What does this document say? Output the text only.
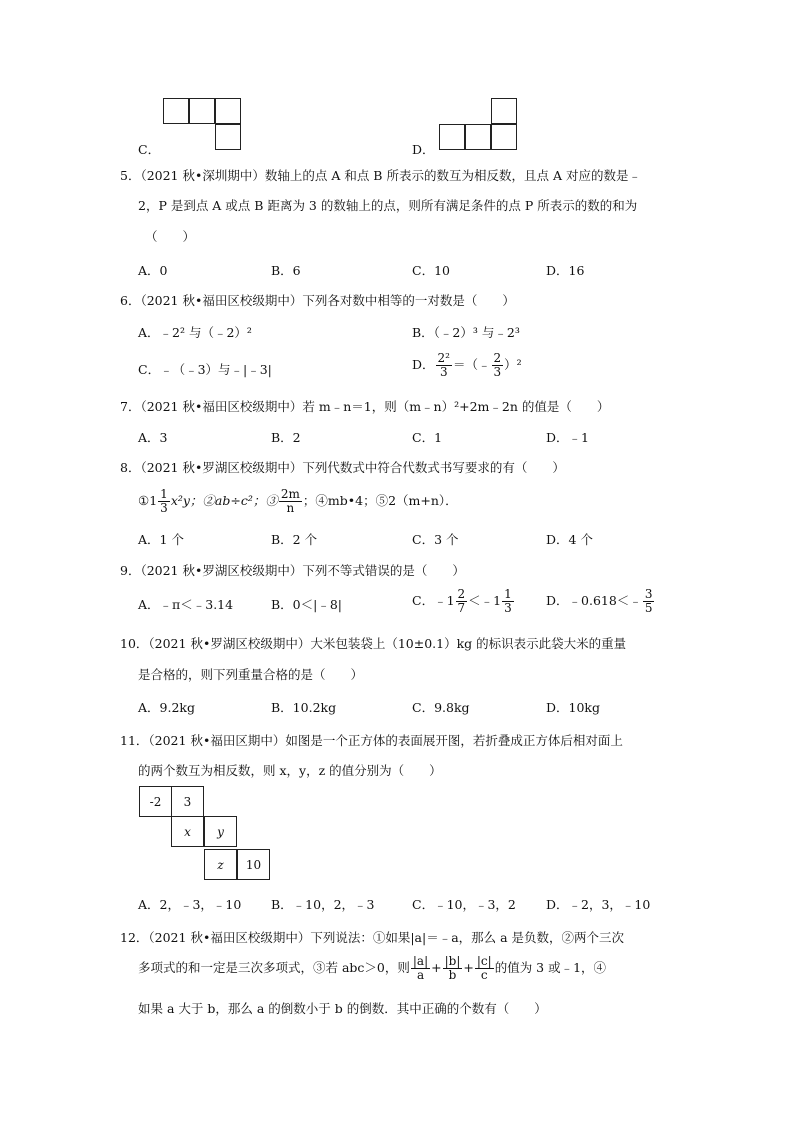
C．	D．
5．（2021 秋•深圳期中）数轴上的点 A 和点 B 所表示的数互为相反数，且点 A 对应的数是﹣
2，P 是到点 A 或点 B 距离为 3 的数轴上的点，则所有满足条件的点 P 所表示的数的和为
（　　）
A．0	B．6	C．10	D．16
6．（2021 秋•福田区校级期中）下列各对数中相等的一对数是（　　）
A．﹣2² 与（﹣2）²	B．（﹣2）³ 与﹣2³
C．﹣（﹣3）与﹣|﹣3|	D． $\frac{\text{2²}}{3}$ ＝（﹣ $\frac{2}{3} )^2$
7．（2021 秋•福田区校级期中）若 m﹣n＝1，则（m﹣n）²+2m﹣2n 的值是（　　）
A．3	B．2	C．1	D．﹣1
8．（2021 秋•罗湖区校级期中）下列代数式中符合代数式书写要求的有（　　）
①1 $\frac{1}{3} x^2y$；②ab÷c²；③ $\frac{2m}{n}$ ；④mb•4；⑤2（m+n）．
A．1 个	B．2 个	C．3 个	D．4 个
9．（2021 秋•罗湖区校级期中）下列不等式错误的是（　　）
A．﹣π＜﹣3.14	B．0＜|﹣8|	C．﹣1 $\frac{2}{7}$ ＜﹣1 $\frac{1}{3}$	D．﹣0.618＜﹣ $\frac{3}{5}$
10．（2021 秋•罗湖区校级期中）大米包装袋上（10±0.1）kg 的标识表示此袋大米的重量
是合格的，则下列重量合格的是（　　）
A．9.2kg	B．10.2kg	C．9.8kg	D．10kg
11．（2021 秋•福田区期中）如图是一个正方体的表面展开图，若折叠成正方体后相对面上
的两个数互为相反数，则 x，y，z 的值分别为（　　）
-2	3
x	y
z	10
A．2，﹣3，﹣10 B．﹣10，2，﹣3	C．﹣10，﹣3，2 D．﹣2，3，﹣10
12．（2021 秋•福田区校级期中）下列说法：①如果|a|＝﹣a，那么 a 是负数，②两个三次
多项式的和一定是三次多项式，③若 abc＞0，则 $\frac{|a|}{a} + \frac{|b|}{b} + \frac{|c|}{c}$ 的值为 3 或﹣1，④
如果 a 大于 b，那么 a 的倒数小于 b 的倒数．其中正确的个数有（　　）
